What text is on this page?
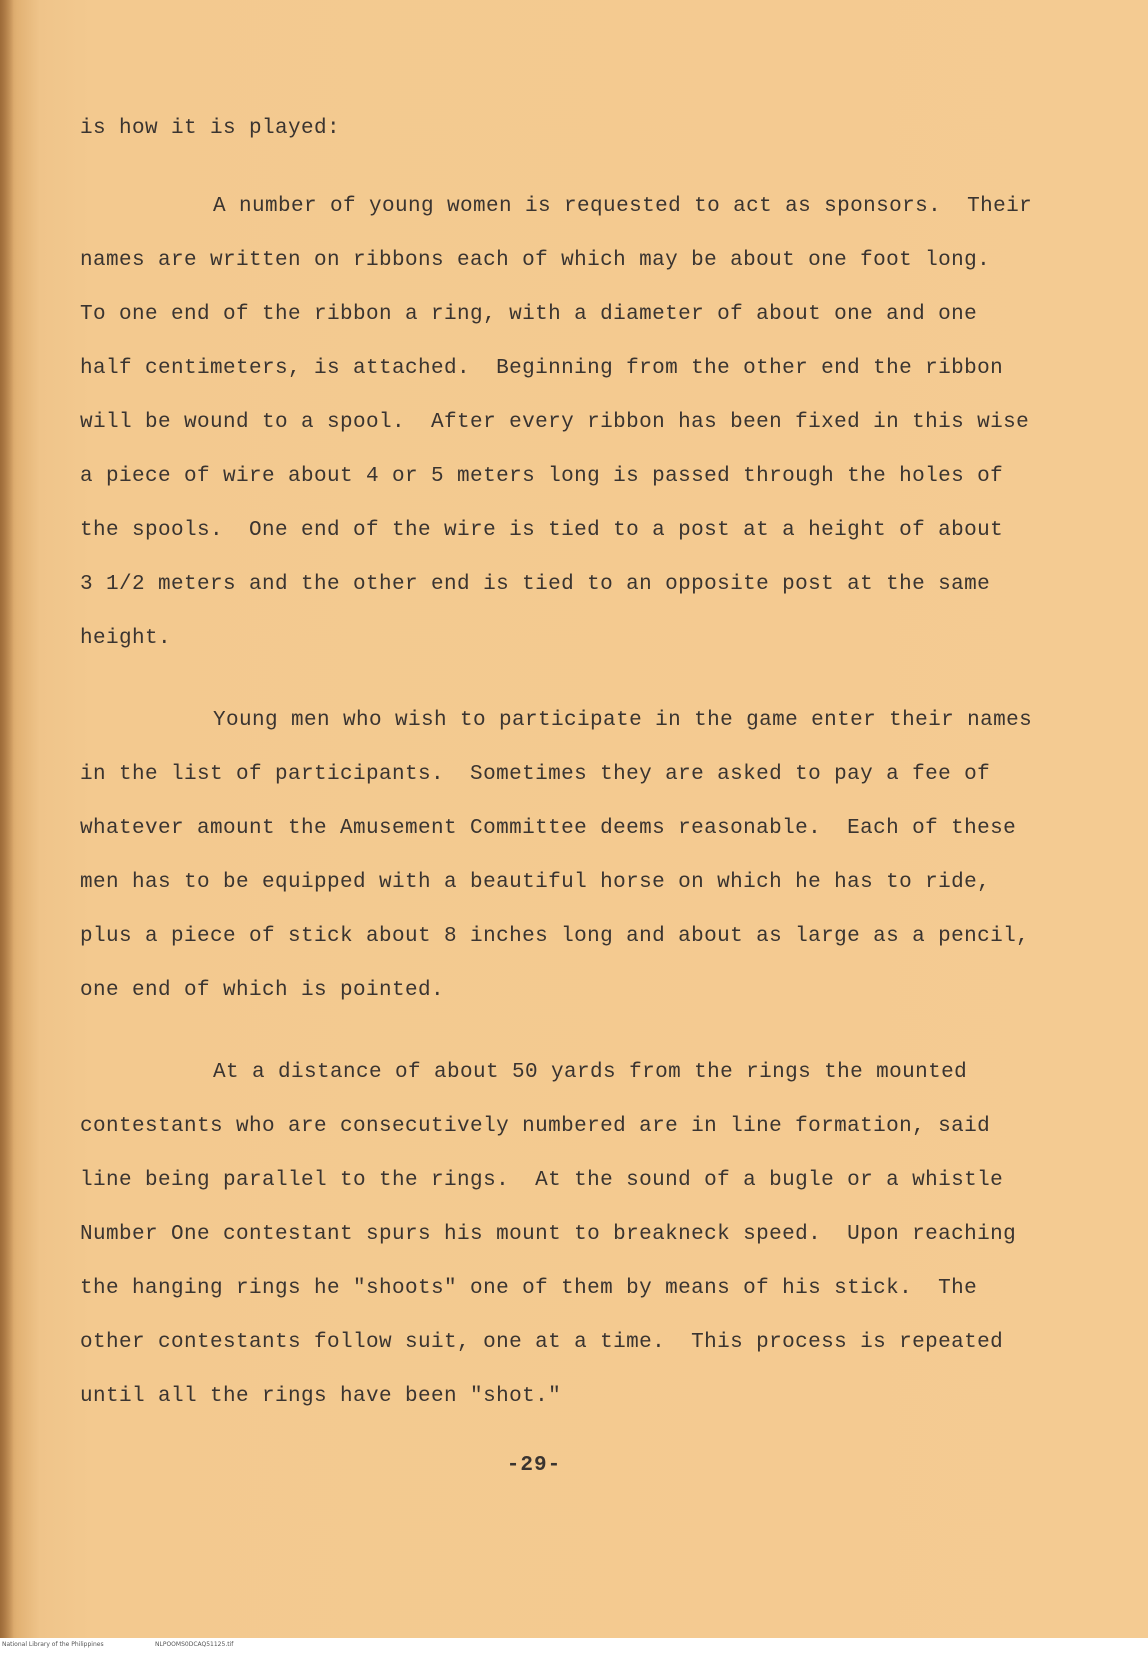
is how it is played:
A number of young women is requested to act as sponsors.  Their
names are written on ribbons each of which may be about one foot long.
To one end of the ribbon a ring, with a diameter of about one and one
half centimeters, is attached.  Beginning from the other end the ribbon
will be wound to a spool.  After every ribbon has been fixed in this wise
a piece of wire about 4 or 5 meters long is passed through the holes of
the spools.  One end of the wire is tied to a post at a height of about
3 1/2 meters and the other end is tied to an opposite post at the same
height.
Young men who wish to participate in the game enter their names
in the list of participants.  Sometimes they are asked to pay a fee of
whatever amount the Amusement Committee deems reasonable.  Each of these
men has to be equipped with a beautiful horse on which he has to ride,
plus a piece of stick about 8 inches long and about as large as a pencil,
one end of which is pointed.
At a distance of about 50 yards from the rings the mounted
contestants who are consecutively numbered are in line formation, said
line being parallel to the rings.  At the sound of a bugle or a whistle
Number One contestant spurs his mount to breakneck speed.  Upon reaching
the hanging rings he "shoots" one of them by means of his stick.  The
other contestants follow suit, one at a time.  This process is repeated
until all the rings have been "shot."
-29-
National Library of the Philippines	NLPOOMS0DCAQ51125.tif
